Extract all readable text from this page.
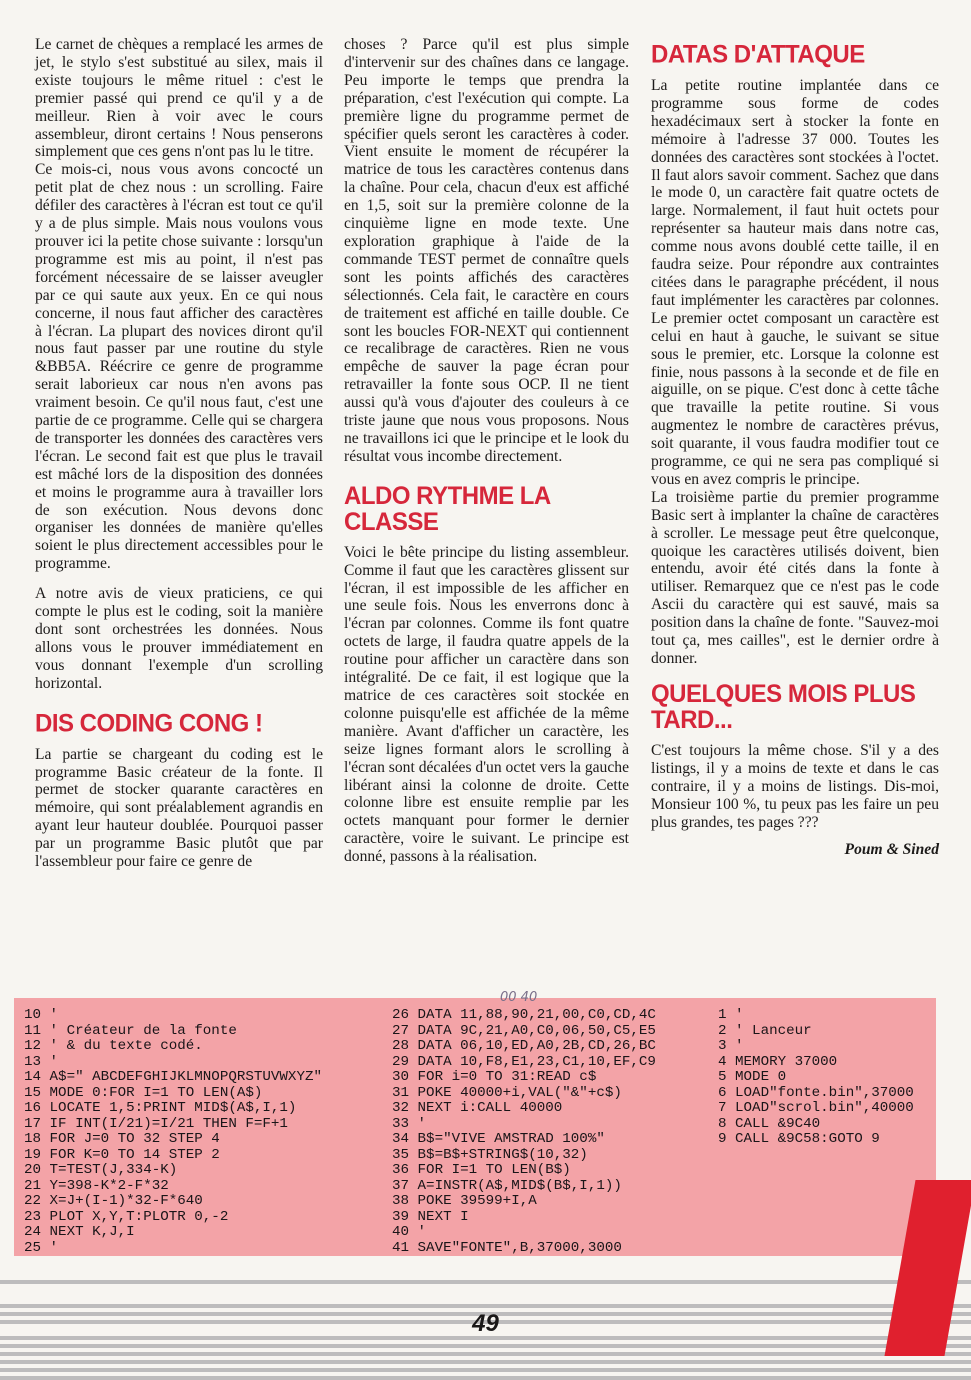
Le carnet de chèques a remplacé les armes de jet, le stylo s'est substitué au silex, mais il existe toujours le même rituel : c'est le premier passé qui prend ce qu'il y a de meilleur. Rien à voir avec le cours assembleur, diront certains ! Nous penserons simplement que ces gens n'ont pas lu le titre.

Ce mois-ci, nous vous avons concocté un petit plat de chez nous : un scrolling. Faire défiler des caractères à l'écran est tout ce qu'il y a de plus simple. Mais nous voulons vous prouver ici la petite chose suivante : lorsqu'un programme est mis au point, il n'est pas forcément nécessaire de se laisser aveugler par ce qui saute aux yeux. En ce qui nous concerne, il nous faut afficher des caractères à l'écran. La plupart des novices diront qu'il nous faut passer par une routine du style &BB5A. Réécrire ce genre de programme serait laborieux car nous n'en avons pas vraiment besoin. Ce qu'il nous faut, c'est une partie de ce programme. Celle qui se chargera de transporter les données des caractères vers l'écran. Le second fait est que plus le travail est mâché lors de la disposition des données et moins le programme aura à travailler lors de son exécution. Nous devons donc organiser les données de manière qu'elles soient le plus directement accessibles pour le programme.

A notre avis de vieux praticiens, ce qui compte le plus est le coding, soit la manière dont sont orchestrées les données. Nous allons vous le prouver immédiatement en vous donnant l'exemple d'un scrolling horizontal.

DIS CODING CONG !

La partie se chargeant du coding est le programme Basic créateur de la fonte. Il permet de stocker quarante caractères en mémoire, qui sont préalablement agrandis en ayant leur hauteur doublée. Pourquoi passer par un programme Basic plutôt que par l'assembleur pour faire ce genre de

choses ? Parce qu'il est plus simple d'intervenir sur des chaînes dans ce langage. Peu importe le temps que prendra la préparation, c'est l'exécution qui compte. La première ligne du programme permet de spécifier quels seront les caractères à coder. Vient ensuite le moment de récupérer la matrice de tous les caractères contenus dans la chaîne. Pour cela, chacun d'eux est affiché en 1,5, soit sur la première colonne de la cinquième ligne en mode texte. Une exploration graphique à l'aide de la commande TEST permet de connaître quels sont les points affichés des caractères sélectionnés. Cela fait, le caractère en cours de traitement est affiché en taille double. Ce sont les boucles FOR-NEXT qui contiennent ce recalibrage de caractères. Rien ne vous empêche de sauver la page écran pour retravailler la fonte sous OCP. Il ne tient aussi qu'à vous d'ajouter des couleurs à ce triste jaune que nous vous proposons. Nous ne travaillons ici que le principe et le look du résultat vous incombe directement.

ALDO RYTHME LA CLASSE

Voici le bête principe du listing assembleur. Comme il faut que les caractères glissent sur l'écran, il est impossible de les afficher en une seule fois. Nous les enverrons donc à l'écran par colonnes. Comme ils font quatre octets de large, il faudra quatre appels de la routine pour afficher un caractère dans son intégralité. De ce fait, il est logique que la matrice de ces caractères soit stockée en colonne puisqu'elle est affichée de la même manière. Avant d'afficher un caractère, les seize lignes formant alors le scrolling à l'écran sont décalées d'un octet vers la gauche libérant ainsi la colonne de droite. Cette colonne libre est ensuite remplie par les octets manquant pour former le dernier caractère, voire le suivant. Le principe est donné, passons à la réalisation.

DATAS D'ATTAQUE

La petite routine implantée dans ce programme sous forme de codes hexadécimaux sert à stocker la fonte en mémoire à l'adresse 37 000. Toutes les données des caractères sont stockées à l'octet. Il faut alors savoir comment. Sachez que dans le mode 0, un caractère fait quatre octets de large. Normalement, il faut huit octets pour représenter sa hauteur mais dans notre cas, comme nous avons doublé cette taille, il en faudra seize. Pour répondre aux contraintes citées dans le paragraphe précédent, il nous faut implémenter les caractères par colonnes. Le premier octet composant un caractère est celui en haut à gauche, le suivant se situe sous le premier, etc. Lorsque la colonne est finie, nous passons à la seconde et de file en aiguille, on se pique. C'est donc à cette tâche que travaille la petite routine. Si vous augmentez le nombre de caractères prévus, soit quarante, il vous faudra modifier tout ce programme, ce qui ne sera pas compliqué si vous en avez compris le principe.

La troisième partie du premier programme Basic sert à implanter la chaîne de caractères à scroller. Le message peut être quelconque, quoique les caractères utilisés doivent, bien entendu, avoir été cités dans la fonte à utiliser. Remarquez que ce n'est pas le code Ascii du caractère qui est sauvé, mais sa position dans la chaîne de fonte. "Sauvez-moi tout ça, mes cailles", est le dernier ordre à donner.

QUELQUES MOIS PLUS TARD...

C'est toujours la même chose. S'il y a des listings, il y a moins de texte et dans le cas contraire, il y a moins de listings. Dis-moi, Monsieur 100 %, tu peux pas les faire un peu plus grandes, tes pages ???

Poum & Sined
10 '
11 ' Créateur de la fonte
12 ' & du texte codé.
13 '
14 A$=" ABCDEFGHIJKLMNOPQRSTUVWXYZ"
15 MODE 0:FOR I=1 TO LEN(A$)
16 LOCATE 1,5:PRINT MID$(A$,I,1)
17 IF INT(I/21)=I/21 THEN F=F+1
18 FOR J=0 TO 32 STEP 4
19 FOR K=0 TO 14 STEP 2
20 T=TEST(J,334-K)
21 Y=398-K*2-F*32
22 X=J+(I-1)*32-F*640
23 PLOT X,Y,T:PLOTR 0,-2
24 NEXT K,J,I
25 '
26 DATA 11,88,90,21,00,C0,CD,4C
27 DATA 9C,21,A0,C0,06,50,C5,E5
28 DATA 06,10,ED,A0,2B,CD,26,BC
29 DATA 10,F8,E1,23,C1,10,EF,C9
30 FOR i=0 TO 31:READ c$
31 POKE 40000+i,VAL("&"+c$)
32 NEXT i:CALL 40000
33 '
34 B$="VIVE AMSTRAD 100%"
35 B$=B$+STRING$(10,32)
36 FOR I=1 TO LEN(B$)
37 A=INSTR(A$,MID$(B$,I,1))
38 POKE 39599+I,A
39 NEXT I
40 '
41 SAVE"FONTE",B,37000,3000
1 '
2 ' Lanceur
3 '
4 MEMORY 37000
5 MODE 0
6 LOAD"fonte.bin",37000
7 LOAD"scrol.bin",40000
8 CALL &9C40
9 CALL &9C58:GOTO 9
00 40
49
